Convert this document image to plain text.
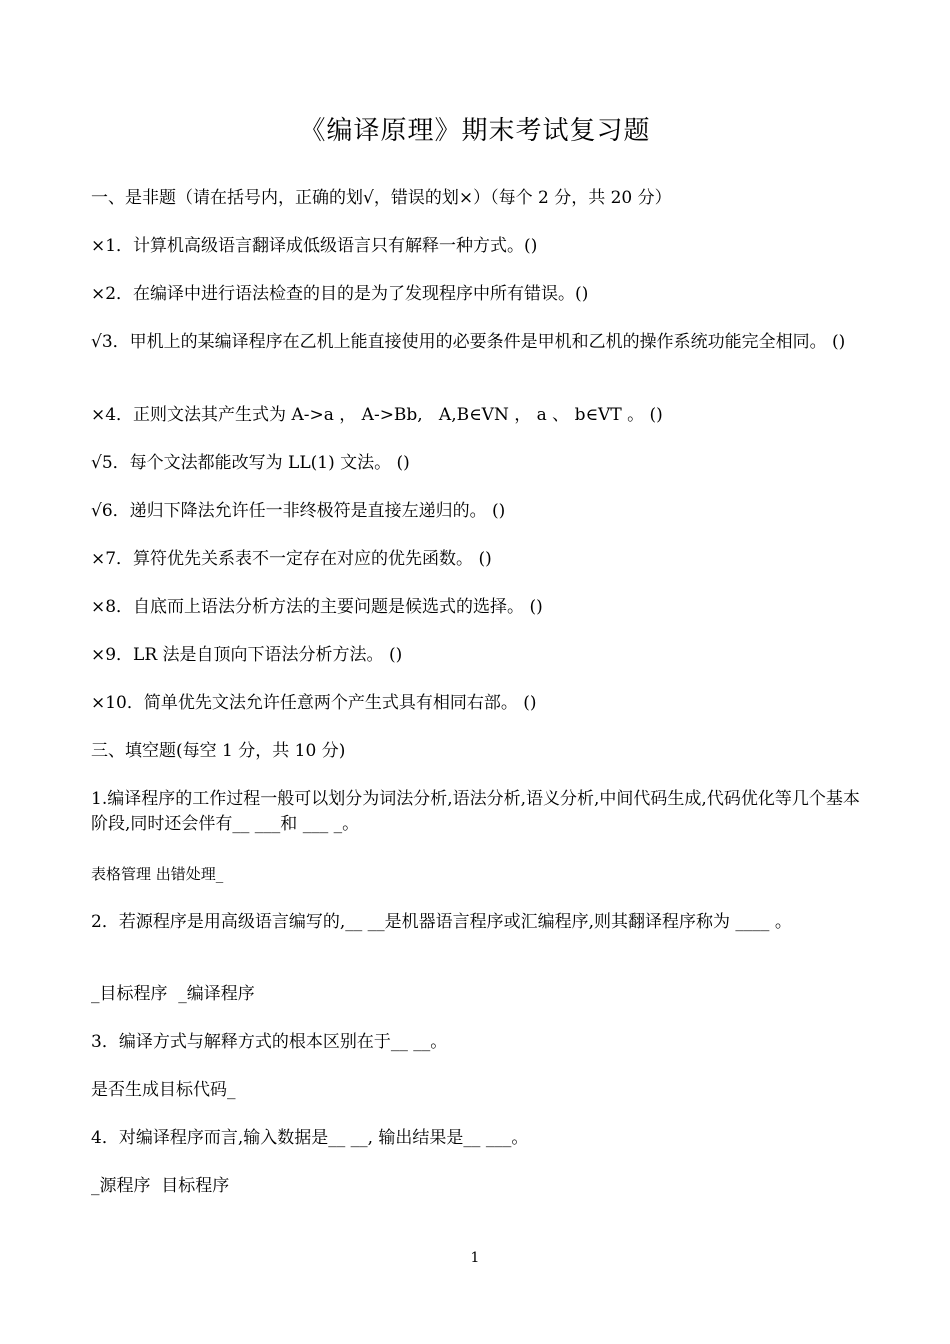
《编译原理》期末考试复习题
一、是非题（请在括号内，正确的划√，错误的划×）（每个 2 分，共 20 分）
×1．计算机高级语言翻译成低级语言只有解释一种方式。()
×2．在编译中进行语法检查的目的是为了发现程序中所有错误。()
√3．甲机上的某编译程序在乙机上能直接使用的必要条件是甲机和乙机的操作系统功能完全相同。 ()
×4．正则文法其产生式为 A->a ， A->Bb,   A,B∈VN ， a 、 b∈VT 。 ()
√5．每个文法都能改写为 LL(1) 文法。 ()
√6．递归下降法允许任一非终极符是直接左递归的。 ()
×7．算符优先关系表不一定存在对应的优先函数。 ()
×8．自底而上语法分析方法的主要问题是候选式的选择。 ()
×9．LR 法是自顶向下语法分析方法。 ()
×10．简单优先文法允许任意两个产生式具有相同右部。 ()
三、填空题(每空 1 分，共 10 分)
1.编译程序的工作过程一般可以划分为词法分析,语法分析,语义分析,中间代码生成,代码优化等几个基本阶段,同时还会伴有__ ___和 ___ _。
表格管理 出错处理_
2．若源程序是用高级语言编写的,__ __是机器语言程序或汇编程序,则其翻译程序称为 ____ 。
_目标程序  _编译程序
3．编译方式与解释方式的根本区别在于__ __。
是否生成目标代码_
4．对编译程序而言,输入数据是__ __, 输出结果是__ ___。
_源程序  目标程序
1
